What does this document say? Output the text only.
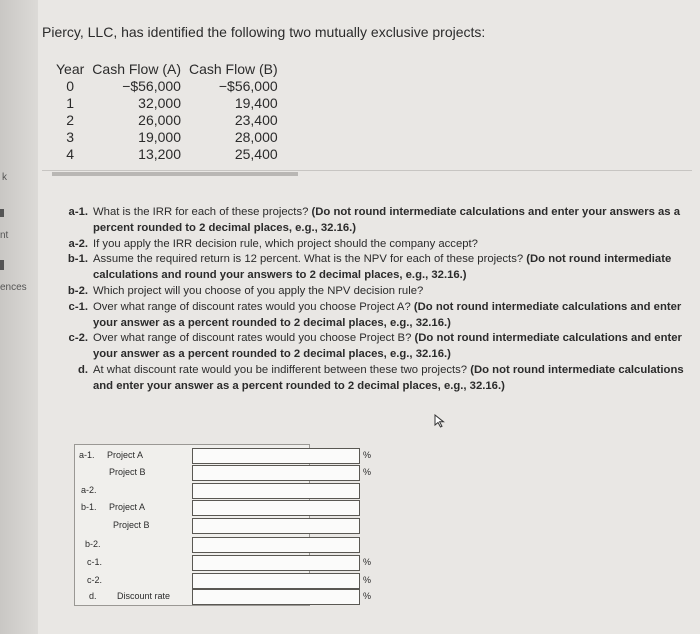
k
nt
ences
Piercy, LLC, has identified the following two mutually exclusive projects:
Year	Cash Flow (A)	Cash Flow (B)
0	−$56,000	−$56,000
1	32,000	19,400
2	26,000	23,400
3	19,000	28,000
4	13,200	25,400
a-1. What is the IRR for each of these projects? (Do not round intermediate calculations and enter your answers as a percent rounded to 2 decimal places, e.g., 32.16.)
a-2. If you apply the IRR decision rule, which project should the company accept?
b-1. Assume the required return is 12 percent. What is the NPV for each of these projects? (Do not round intermediate calculations and round your answers to 2 decimal places, e.g., 32.16.)
b-2. Which project will you choose of you apply the NPV decision rule?
c-1. Over what range of discount rates would you choose Project A? (Do not round intermediate calculations and enter your answer as a percent rounded to 2 decimal places, e.g., 32.16.)
c-2. Over what range of discount rates would you choose Project B? (Do not round intermediate calculations and enter your answer as a percent rounded to 2 decimal places, e.g., 32.16.)
d. At what discount rate would you be indifferent between these two projects? (Do not round intermediate calculations and enter your answer as a percent rounded to 2 decimal places, e.g., 32.16.)
a-1. Project A	%
Project B	%
a-2.
b-1. Project A
Project B
b-2.
c-1.	%
c-2.	%
d. Discount rate	%
